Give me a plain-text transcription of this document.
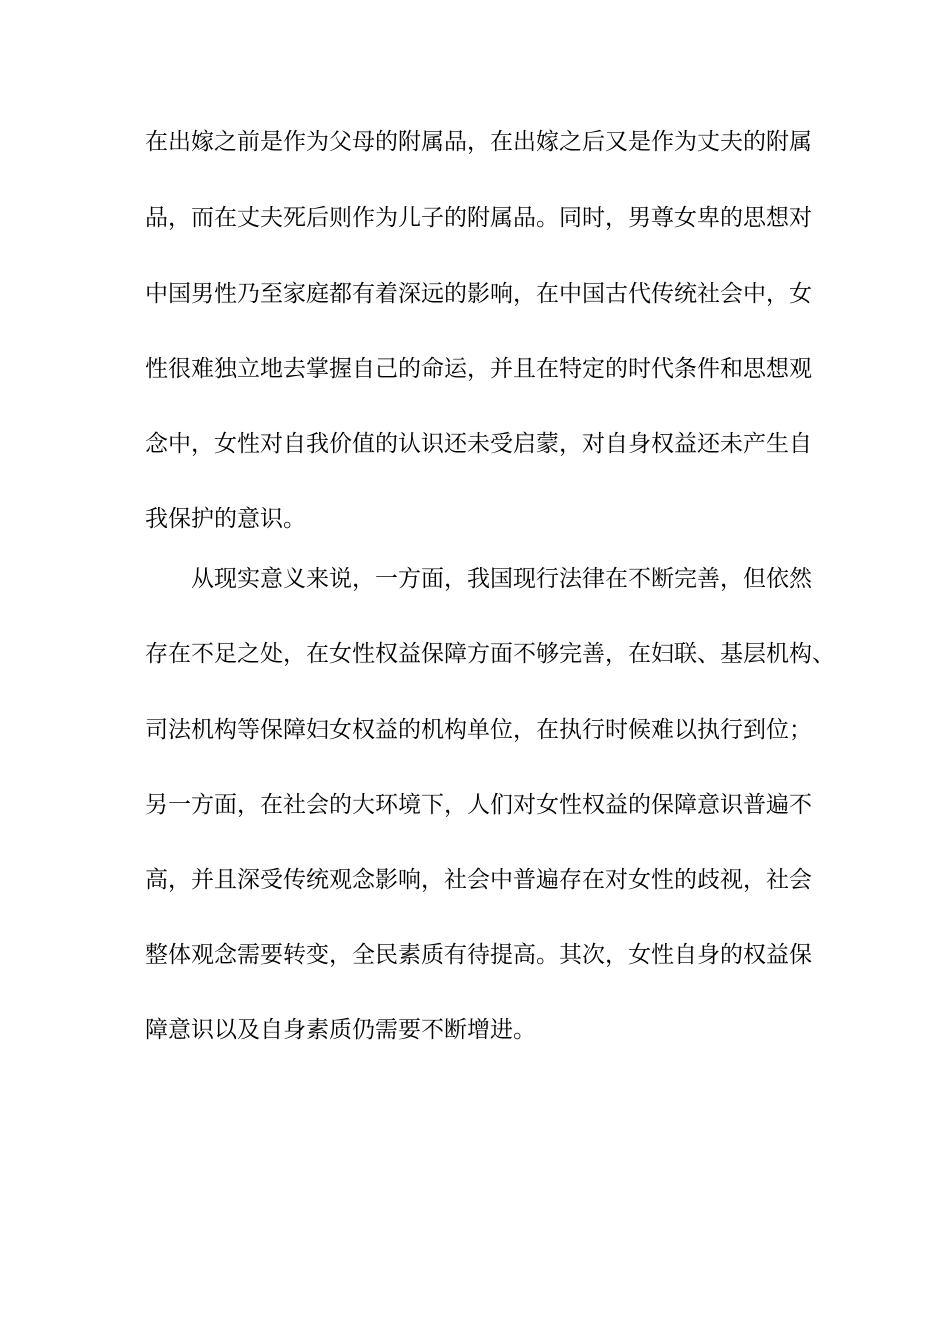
在出嫁之前是作为父母的附属品，在出嫁之后又是作为丈夫的附属
品，而在丈夫死后则作为儿子的附属品。同时，男尊女卑的思想对
中国男性乃至家庭都有着深远的影响，在中国古代传统社会中，女
性很难独立地去掌握自己的命运，并且在特定的时代条件和思想观
念中，女性对自我价值的认识还未受启蒙，对自身权益还未产生自
我保护的意识。
从现实意义来说，一方面，我国现行法律在不断完善，但依然
存在不足之处，在女性权益保障方面不够完善，在妇联、基层机构、
司法机构等保障妇女权益的机构单位，在执行时候难以执行到位；
另一方面，在社会的大环境下，人们对女性权益的保障意识普遍不
高，并且深受传统观念影响，社会中普遍存在对女性的歧视，社会
整体观念需要转变，全民素质有待提高。其次，女性自身的权益保
障意识以及自身素质仍需要不断增进。
